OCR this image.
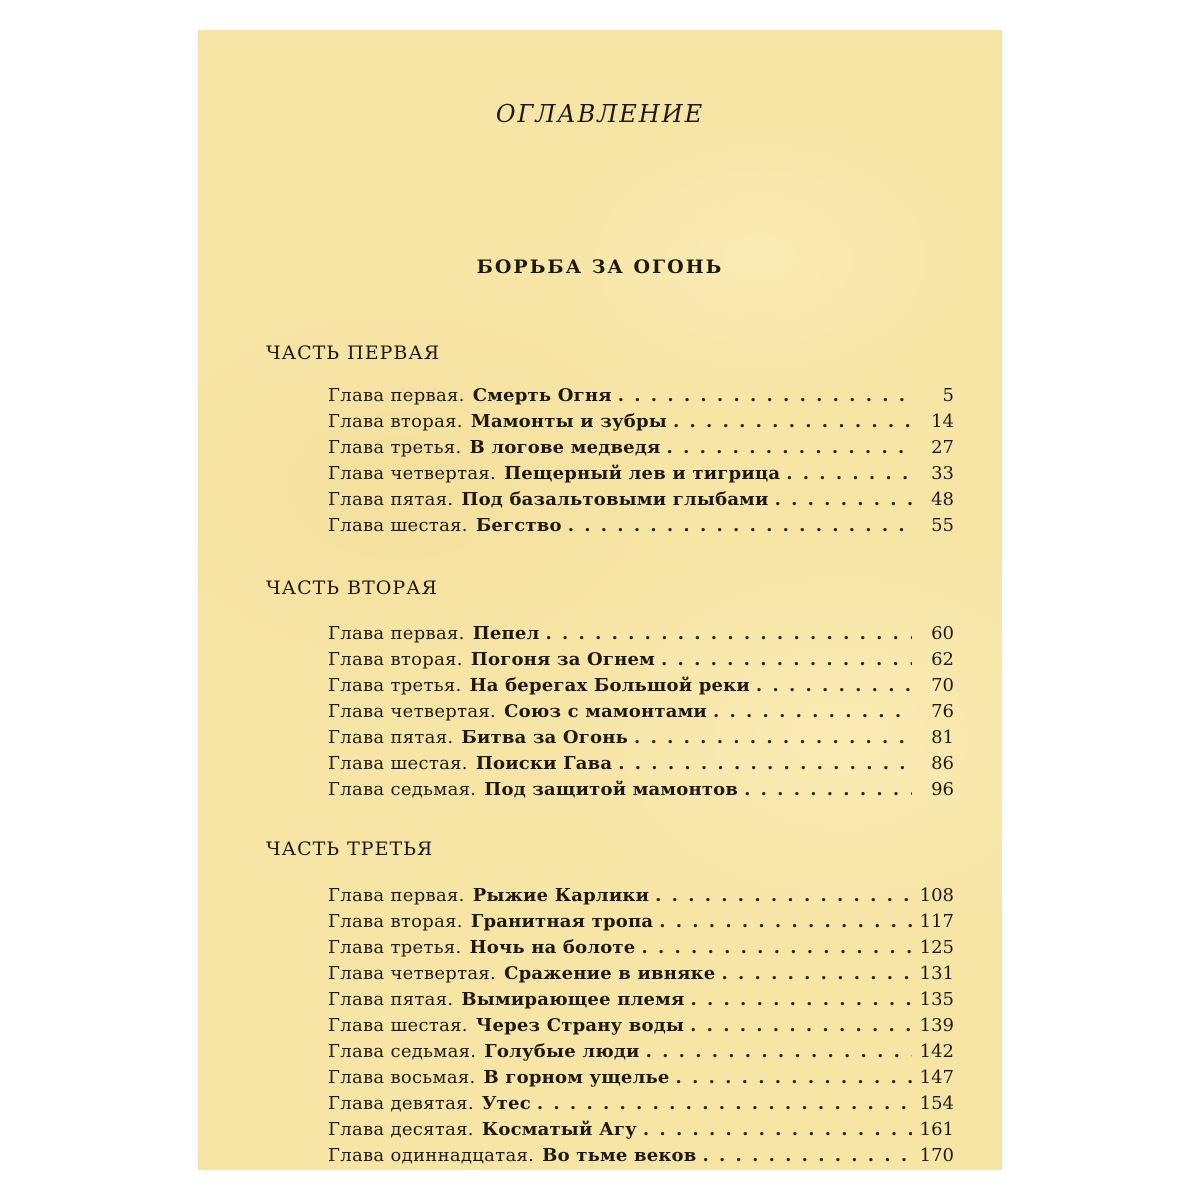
ОГЛАВЛЕНИЕ
БОРЬБА ЗА ОГОНЬ
ЧАСТЬ ПЕРВАЯ
Глава первая. Смерть Огня . . .	5
Глава вторая. Мамонты и зубры . . .	14
Глава третья. В логове медведя . . .	27
Глава четвертая. Пещерный лев и тигрица . . .	33
Глава пятая. Под базальтовыми глыбами . . .	48
Глава шестая. Бегство . . .	55
ЧАСТЬ ВТОРАЯ
Глава первая. Пепел . . .	60
Глава вторая. Погоня за Огнем . . .	62
Глава третья. На берегах Большой реки . . .	70
Глава четвертая. Союз с мамонтами . . .	76
Глава пятая. Битва за Огонь . . .	81
Глава шестая. Поиски Гава . . .	86
Глава седьмая. Под защитой мамонтов . . .	96
ЧАСТЬ ТРЕТЬЯ
Глава первая. Рыжие Карлики . . .	108
Глава вторая. Гранитная тропа . . .	117
Глава третья. Ночь на болоте . . .	125
Глава четвертая. Сражение в ивняке . . .	131
Глава пятая. Вымирающее племя . . .	135
Глава шестая. Через Страну воды . . .	139
Глава седьмая. Голубые люди . . .	142
Глава восьмая. В горном ущелье . . .	147
Глава девятая. Утес . . .	154
Глава десятая. Косматый Агу . . .	161
Глава одиннадцатая. Во тьме веков . . .	170
